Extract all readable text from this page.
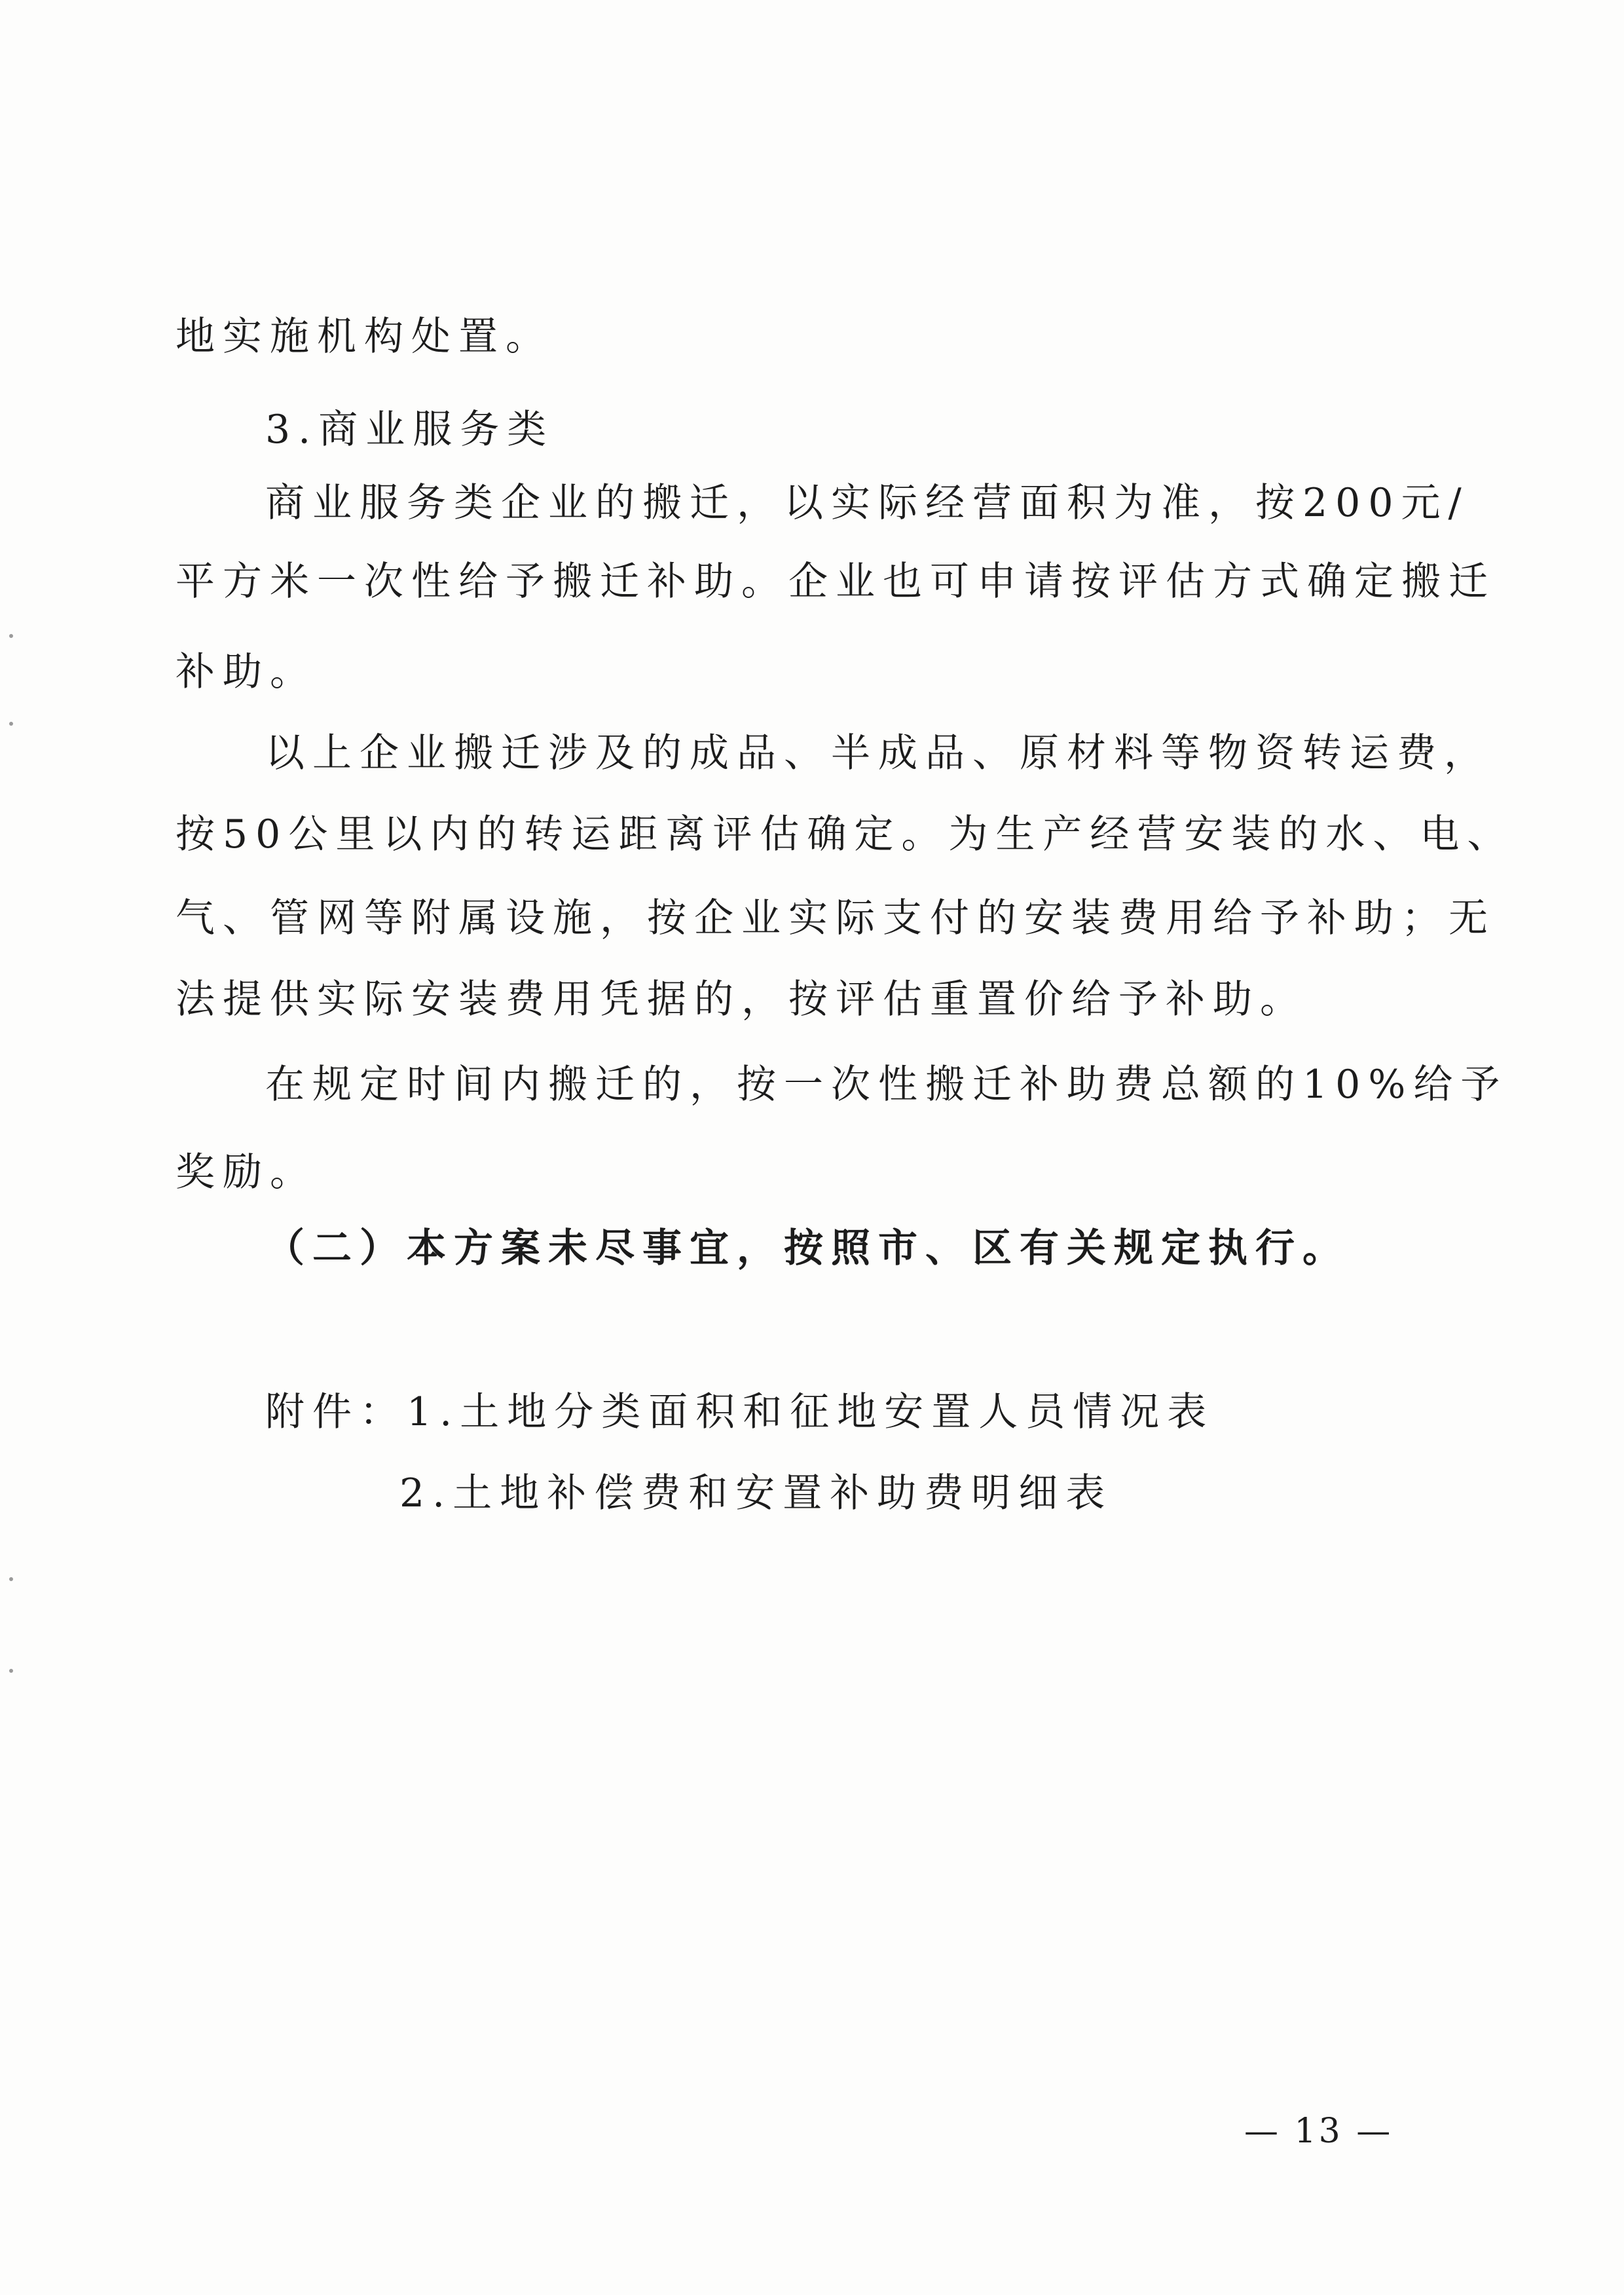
地实施机构处置。

3.商业服务类

商业服务类企业的搬迁，以实际经营面积为准，按200元/

平方米一次性给予搬迁补助。企业也可申请按评估方式确定搬迁

补助。

以上企业搬迁涉及的成品、半成品、原材料等物资转运费，

按50公里以内的转运距离评估确定。为生产经营安装的水、电、

气、管网等附属设施，按企业实际支付的安装费用给予补助；无

法提供实际安装费用凭据的，按评估重置价给予补助。

在规定时间内搬迁的，按一次性搬迁补助费总额的10%给予

奖励。

（二）本方案未尽事宜，按照市、区有关规定执行。

附件：1.土地分类面积和征地安置人员情况表

2.土地补偿费和安置补助费明细表

— 13 —
